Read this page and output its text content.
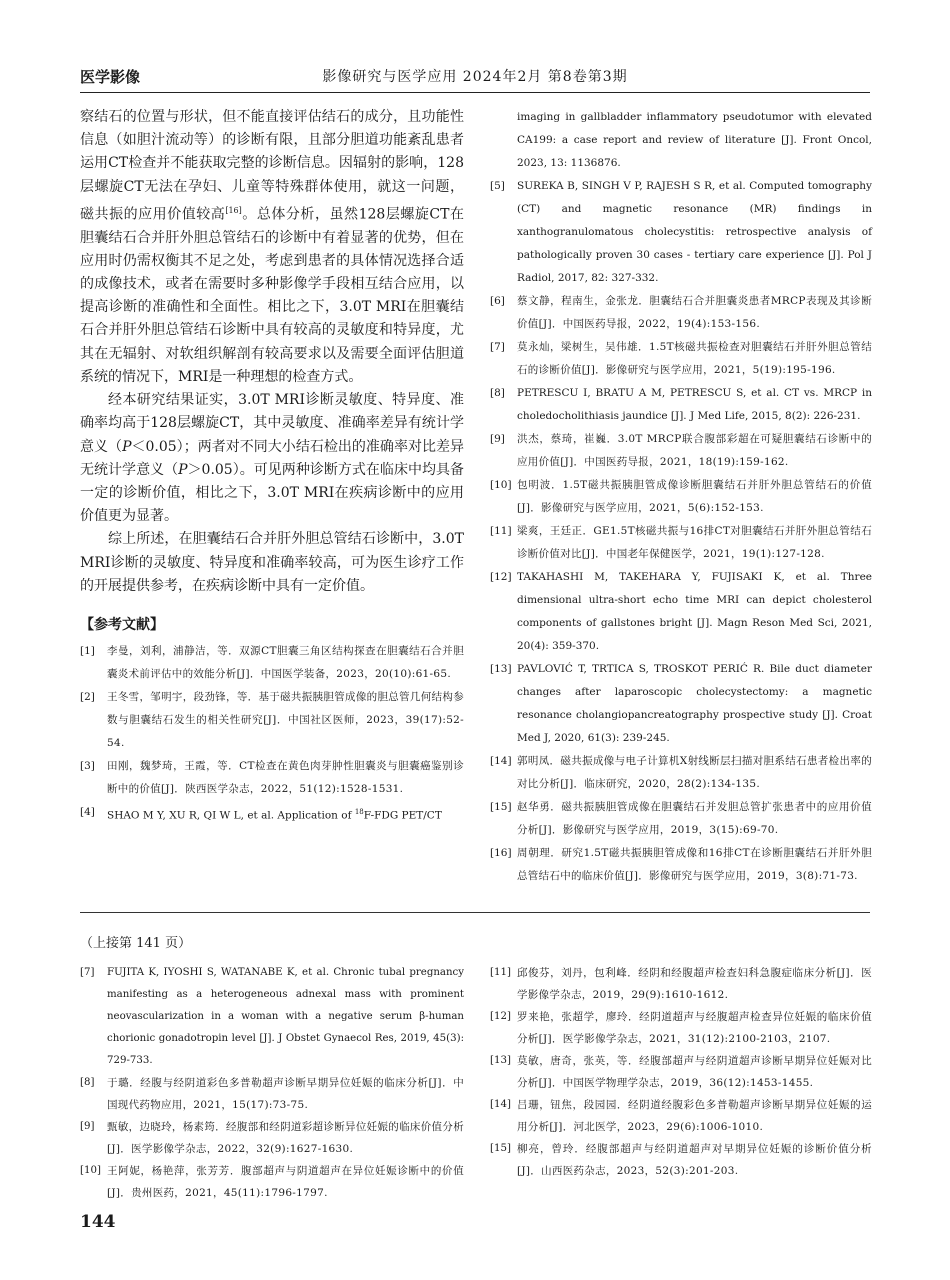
医学影像	影像研究与医学应用 2024年2月 第8卷第3期

察结石的位置与形状，但不能直接评估结石的成分，且功能性信息（如胆汁流动等）的诊断有限，且部分胆道功能紊乱患者运用CT检查并不能获取完整的诊断信息。因辐射的影响，128层螺旋CT无法在孕妇、儿童等特殊群体使用，就这一问题，磁共振的应用价值较高[16]。总体分析，虽然128层螺旋CT在胆囊结石合并肝外胆总管结石的诊断中有着显著的优势，但在应用时仍需权衡其不足之处，考虑到患者的具体情况选择合适的成像技术，或者在需要时多种影像学手段相互结合应用，以提高诊断的准确性和全面性。相比之下，3.0T MRI在胆囊结石合并肝外胆总管结石诊断中具有较高的灵敏度和特异度，尤其在无辐射、对软组织解剖有较高要求以及需要全面评估胆道系统的情况下，MRI是一种理想的检查方式。

经本研究结果证实，3.0T MRI诊断灵敏度、特异度、准确率均高于128层螺旋CT，其中灵敏度、准确率差异有统计学意义（P＜0.05）；两者对不同大小结石检出的准确率对比差异无统计学意义（P＞0.05）。可见两种诊断方式在临床中均具备一定的诊断价值，相比之下，3.0T MRI在疾病诊断中的应用价值更为显著。

综上所述，在胆囊结石合并肝外胆总管结石诊断中，3.0T MRI诊断的灵敏度、特异度和准确率较高，可为医生诊疗工作的开展提供参考，在疾病诊断中具有一定价值。

【参考文献】
[1]	李曼，刘利，浦静洁，等．双源CT胆囊三角区结构探查在胆囊结石合并胆囊炎术前评估中的效能分析[J]．中国医学装备，2023，20(10):61-65.
[2]	王冬雪，邹明宇，段劲锋，等．基于磁共振胰胆管成像的胆总管几何结构参数与胆囊结石发生的相关性研究[J]．中国社区医师，2023，39(17):52-54.
[3]	田刚，魏梦琦，王霞，等．CT检查在黄色肉芽肿性胆囊炎与胆囊癌鉴别诊断中的价值[J]．陕西医学杂志，2022，51(12):1528-1531.
[4]	SHAO M Y, XU R, QI W L, et al. Application of $^{18}$F-FDG PET/CT
imaging in gallbladder inflammatory pseudotumor with elevated CA199: a case report and review of literature [J]. Front Oncol, 2023, 13: 1136876.
[5]	SUREKA B, SINGH V P, RAJESH S R, et al. Computed tomography (CT) and magnetic resonance (MR) findings in xanthogranulomatous cholecystitis: retrospective analysis of pathologically proven 30 cases - tertiary care experience [J]. Pol J Radiol, 2017, 82: 327-332.
[6]	蔡文静，程南生，金张龙．胆囊结石合并胆囊炎患者MRCP表现及其诊断价值[J]．中国医药导报，2022，19(4):153-156.
[7]	莫永灿，梁树生，吴伟雄．1.5T核磁共振检查对胆囊结石并肝外胆总管结石的诊断价值[J]．影像研究与医学应用，2021，5(19):195-196.
[8]	PETRESCU I, BRATU A M, PETRESCU S, et al. CT vs. MRCP in choledocholithiasis jaundice [J]. J Med Life, 2015, 8(2): 226-231.
[9]	洪杰，蔡琦，崔巍．3.0T MRCP联合腹部彩超在可疑胆囊结石诊断中的应用价值[J]．中国医药导报，2021，18(19):159-162.
[10] 包明波．1.5T磁共振胰胆管成像诊断胆囊结石并肝外胆总管结石的价值[J]．影像研究与医学应用，2021，5(6):152-153.
[11] 梁爽，王廷正．GE1.5T核磁共振与16排CT对胆囊结石并肝外胆总管结石诊断价值对比[J]．中国老年保健医学，2021，19(1):127-128.
[12] TAKAHASHI M, TAKEHARA Y, FUJISAKI K, et al. Three dimensional ultra-short echo time MRI can depict cholesterol components of gallstones bright [J]. Magn Reson Med Sci, 2021, 20(4): 359-370.
[13] PAVLOVIĆ T, TRTICA S, TROSKOT PERIĆ R. Bile duct diameter changes after laparoscopic cholecystectomy: a magnetic resonance cholangiopancreatography prospective study [J]. Croat Med J, 2020, 61(3): 239-245.
[14] 郭明凤．磁共振成像与电子计算机X射线断层扫描对胆系结石患者检出率的对比分析[J]．临床研究，2020，28(2):134-135.
[15] 赵华勇．磁共振胰胆管成像在胆囊结石并发胆总管扩张患者中的应用价值分析[J]．影像研究与医学应用，2019，3(15):69-70.
[16] 周朝理．研究1.5T磁共振胰胆管成像和16排CT在诊断胆囊结石并肝外胆总管结石中的临床价值[J]．影像研究与医学应用，2019，3(8):71-73.
（上接第 141 页）
[7]	FUJITA K, IYOSHI S, WATANABE K, et al. Chronic tubal pregnancy manifesting as a heterogeneous adnexal mass with prominent neovascularization in a woman with a negative serum β-human chorionic gonadotropin level [J]. J Obstet Gynaecol Res, 2019, 45(3): 729-733.
[8]	于璐．经腹与经阴道彩色多普勒超声诊断早期异位妊娠的临床分析[J]．中国现代药物应用，2021，15(17):73-75.
[9]	甄敏，边晓玲，杨素筠．经腹部和经阴道彩超诊断异位妊娠的临床价值分析[J]．医学影像学杂志，2022，32(9):1627-1630.
[10] 王阿妮，杨艳萍，张芳芳．腹部超声与阴道超声在异位妊娠诊断中的价值[J]．贵州医药，2021，45(11):1796-1797.
[11] 邱俊芬，刘丹，包利峰．经阴和经腹超声检查妇科急腹症临床分析[J]．医学影像学杂志，2019，29(9):1610-1612.
[12] 罗来艳，张超学，廖玲．经阴道超声与经腹超声检查异位妊娠的临床价值分析[J]．医学影像学杂志，2021，31(12):2100-2103，2107.
[13] 莫敏，唐奇，张英，等．经腹部超声与经阴道超声诊断早期异位妊娠对比分析[J]．中国医学物理学杂志，2019，36(12):1453-1455.
[14] 吕珊，钮焦，段园园．经阴道经腹彩色多普勒超声诊断早期异位妊娠的运用分析[J]．河北医学，2023，29(6):1006-1010.
[15] 柳亮，曾玲．经腹部超声与经阴道超声对早期异位妊娠的诊断价值分析[J]．山西医药杂志，2023，52(3):201-203.
144
